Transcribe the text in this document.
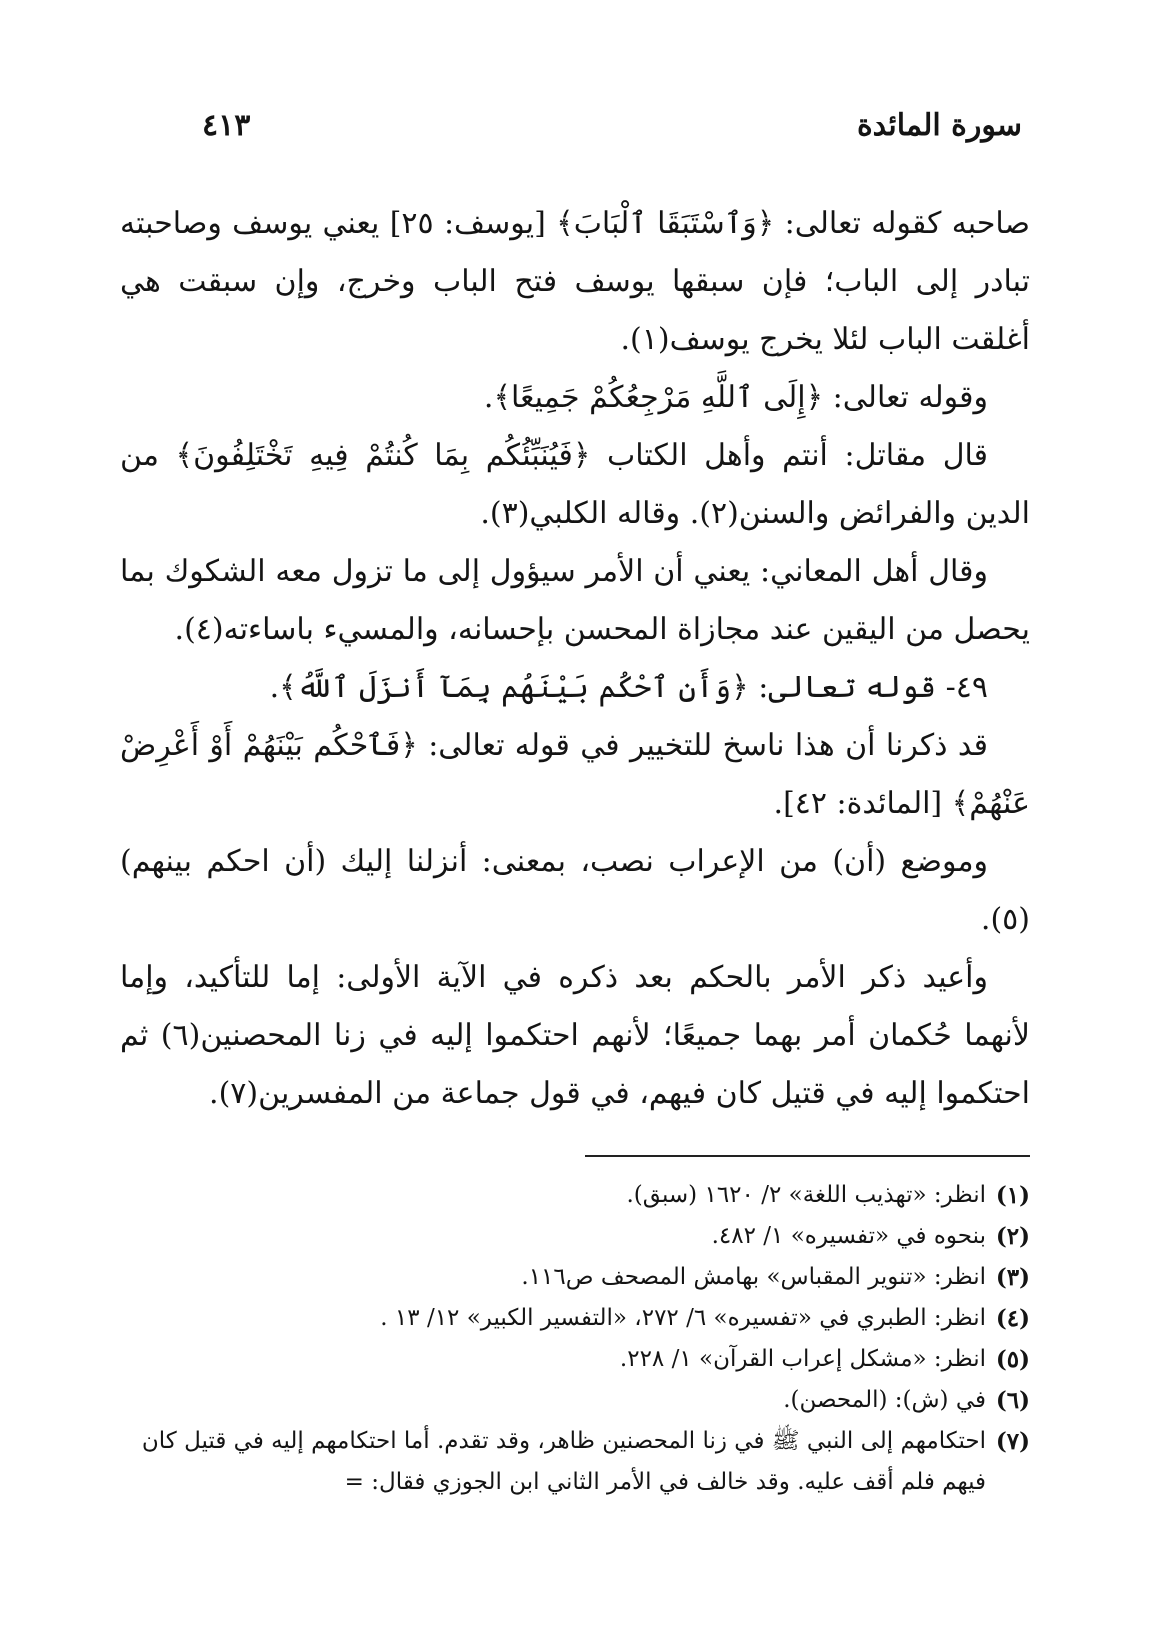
سورة المائدة
٤١٣

صاحبه كقوله تعالى: ﴿وَٱسْتَبَقَا ٱلْبَابَ﴾ [يوسف: ٢٥] يعني يوسف وصاحبته تبادر إلى الباب؛ فإن سبقها يوسف فتح الباب وخرج، وإن سبقت هي أغلقت الباب لئلا يخرج يوسف(١).

وقوله تعالى: ﴿إِلَى ٱللَّهِ مَرْجِعُكُمْ جَمِيعًا﴾.

قال مقاتل: أنتم وأهل الكتاب ﴿فَيُنَبِّئُكُم بِمَا كُنتُمْ فِيهِ تَخْتَلِفُونَ﴾ من الدين والفرائض والسنن(٢). وقاله الكلبي(٣).

وقال أهل المعاني: يعني أن الأمر سيؤول إلى ما تزول معه الشكوك بما يحصل من اليقين عند مجازاة المحسن بإحسانه، والمسيء باساءته(٤).

٤٩- قوله تعالى: ﴿وَأَنِ ٱحْكُم بَيْنَهُم بِمَآ أَنزَلَ ٱللَّهُ﴾.

قد ذكرنا أن هذا ناسخ للتخيير في قوله تعالى: ﴿فَٱحْكُم بَيْنَهُمْ أَوْ أَعْرِضْ عَنْهُمْ﴾ [المائدة: ٤٢].

وموضع (أن) من الإعراب نصب، بمعنى: أنزلنا إليك (أن احكم بينهم)(٥).

وأعيد ذكر الأمر بالحكم بعد ذكره في الآية الأولى: إما للتأكيد، وإما لأنهما حُكمان أمر بهما جميعًا؛ لأنهم احتكموا إليه في زنا المحصنين(٦) ثم احتكموا إليه في قتيل كان فيهم، في قول جماعة من المفسرين(٧).

(١)
انظر: «تهذيب اللغة» ٢/ ١٦٢٠ (سبق).

(٢)
بنحوه في «تفسيره» ١/ ٤٨٢.

(٣)
انظر: «تنوير المقباس» بهامش المصحف ص١١٦.

(٤)
انظر: الطبري في «تفسيره» ٦/ ٢٧٢، «التفسير الكبير» ١٢/ ١٣ .

(٥)
انظر: «مشكل إعراب القرآن» ١/ ٢٢٨.

(٦)
في (ش): (المحصن).

(٧)
احتكامهم إلى النبي ﷺ في زنا المحصنين ظاهر، وقد تقدم. أما احتكامهم إليه في قتيل كان فيهم فلم أقف عليه. وقد خالف في الأمر الثاني ابن الجوزي فقال: =
